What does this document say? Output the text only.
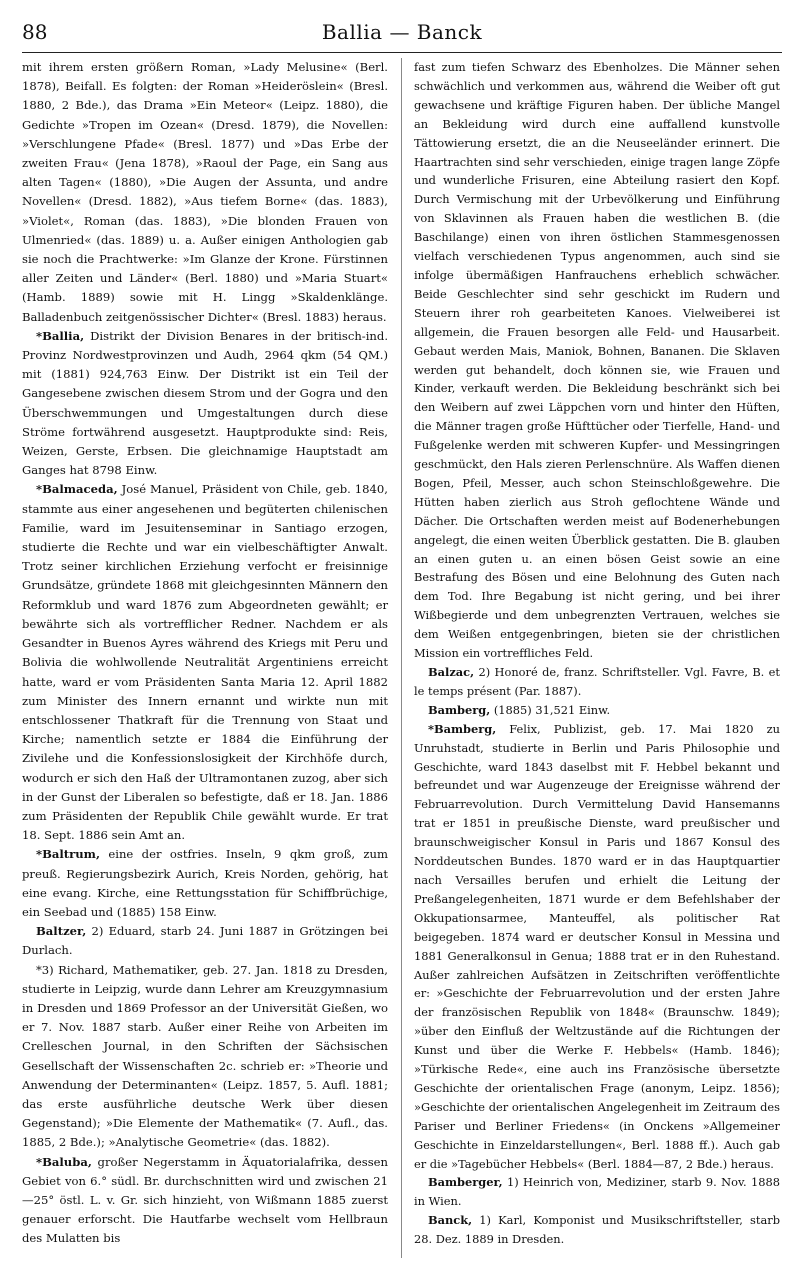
88	Ballia — Banck

mit ihrem ersten größern Roman, »Lady Melusine« (Berl. 1878), Beifall. Es folgten: der Roman »Heideröslein« (Bresl. 1880, 2 Bde.), das Drama »Ein Meteor« (Leipz. 1880), die Gedichte »Tropen im Ozean« (Dresd. 1879), die Novellen: »Verschlungene Pfade« (Bresl. 1877) und »Das Erbe der zweiten Frau« (Jena 1878), »Raoul der Page, ein Sang aus alten Tagen« (1880), »Die Augen der Assunta, und andre Novellen« (Dresd. 1882), »Aus tiefem Borne« (das. 1883), »Violet«, Roman (das. 1883), »Die blonden Frauen von Ulmenried« (das. 1889) u. a. Außer einigen Anthologien gab sie noch die Prachtwerke: »Im Glanze der Krone. Fürstinnen aller Zeiten und Länder« (Berl. 1880) und »Maria Stuart« (Hamb. 1889) sowie mit H. Lingg »Skaldenklänge. Balladenbuch zeitgenössischer Dichter« (Bresl. 1883) heraus.

*Ballia, Distrikt der Division Benares in der britisch-ind. Provinz Nordwestprovinzen und Audh, 2964 qkm (54 QM.) mit (1881) 924,763 Einw. Der Distrikt ist ein Teil der Gangesebene zwischen diesem Strom und der Gogra und den Überschwemmungen und Umgestaltungen durch diese Ströme fortwährend ausgesetzt. Hauptprodukte sind: Reis, Weizen, Gerste, Erbsen. Die gleichnamige Hauptstadt am Ganges hat 8798 Einw.

*Balmaceda, José Manuel, Präsident von Chile, geb. 1840, stammte aus einer angesehenen und begüterten chilenischen Familie, ward im Jesuitenseminar in Santiago erzogen, studierte die Rechte und war ein vielbeschäftigter Anwalt. Trotz seiner kirchlichen Erziehung verfocht er freisinnige Grundsätze, gründete 1868 mit gleichgesinnten Männern den Reformklub und ward 1876 zum Abgeordneten gewählt; er bewährte sich als vortrefflicher Redner. Nachdem er als Gesandter in Buenos Ayres während des Kriegs mit Peru und Bolivia die wohlwollende Neutralität Argentiniens erreicht hatte, ward er vom Präsidenten Santa Maria 12. April 1882 zum Minister des Innern ernannt und wirkte nun mit entschlossener Thatkraft für die Trennung von Staat und Kirche; namentlich setzte er 1884 die Einführung der Zivilehe und die Konfessionslosigkeit der Kirchhöfe durch, wodurch er sich den Haß der Ultramontanen zuzog, aber sich in der Gunst der Liberalen so befestigte, daß er 18. Jan. 1886 zum Präsidenten der Republik Chile gewählt wurde. Er trat 18. Sept. 1886 sein Amt an.

*Baltrum, eine der ostfries. Inseln, 9 qkm groß, zum preuß. Regierungsbezirk Aurich, Kreis Norden, gehörig, hat eine evang. Kirche, eine Rettungsstation für Schiffbrüchige, ein Seebad und (1885) 158 Einw.

Baltzer, 2) Eduard, starb 24. Juni 1887 in Grötzingen bei Durlach.

*3) Richard, Mathematiker, geb. 27. Jan. 1818 zu Dresden, studierte in Leipzig, wurde dann Lehrer am Kreuzgymnasium in Dresden und 1869 Professor an der Universität Gießen, wo er 7. Nov. 1887 starb. Außer einer Reihe von Arbeiten im Crelleschen Journal, in den Schriften der Sächsischen Gesellschaft der Wissenschaften 2c. schrieb er: »Theorie und Anwendung der Determinanten« (Leipz. 1857, 5. Aufl. 1881; das erste ausführliche deutsche Werk über diesen Gegenstand); »Die Elemente der Mathematik« (7. Aufl., das. 1885, 2 Bde.); »Analytische Geometrie« (das. 1882).

*Baluba, großer Negerstamm in Äquatorialafrika, dessen Gebiet von 6.° südl. Br. durchschnitten wird und zwischen 21—25° östl. L. v. Gr. sich hinzieht, von Wißmann 1885 zuerst genauer erforscht. Die Hautfarbe wechselt vom Hellbraun des Mulatten bis

fast zum tiefen Schwarz des Ebenholzes. Die Männer sehen schwächlich und verkommen aus, während die Weiber oft gut gewachsene und kräftige Figuren haben. Der übliche Mangel an Bekleidung wird durch eine auffallend kunstvolle Tättowierung ersetzt, die an die Neuseeländer erinnert. Die Haartrachten sind sehr verschieden, einige tragen lange Zöpfe und wunderliche Frisuren, eine Abteilung rasiert den Kopf. Durch Vermischung mit der Urbevölkerung und Einführung von Sklavinnen als Frauen haben die westlichen B. (die Baschilange) einen von ihren östlichen Stammesgenossen vielfach verschiedenen Typus angenommen, auch sind sie infolge übermäßigen Hanfrauchens erheblich schwächer. Beide Geschlechter sind sehr geschickt im Rudern und Steuern ihrer roh gearbeiteten Kanoes. Vielweiberei ist allgemein, die Frauen besorgen alle Feld- und Hausarbeit. Gebaut werden Mais, Maniok, Bohnen, Bananen. Die Sklaven werden gut behandelt, doch können sie, wie Frauen und Kinder, verkauft werden. Die Bekleidung beschränkt sich bei den Weibern auf zwei Läppchen vorn und hinter den Hüften, die Männer tragen große Hüfttücher oder Tierfelle, Hand- und Fußgelenke werden mit schweren Kupfer- und Messingringen geschmückt, den Hals zieren Perlenschnüre. Als Waffen dienen Bogen, Pfeil, Messer, auch schon Steinschloßgewehre. Die Hütten haben zierlich aus Stroh geflochtene Wände und Dächer. Die Ortschaften werden meist auf Bodenerhebungen angelegt, die einen weiten Überblick gestatten. Die B. glauben an einen guten u. an einen bösen Geist sowie an eine Bestrafung des Bösen und eine Belohnung des Guten nach dem Tod. Ihre Begabung ist nicht gering, und bei ihrer Wißbegierde und dem unbegrenzten Vertrauen, welches sie dem Weißen entgegenbringen, bieten sie der christlichen Mission ein vortreffliches Feld.

Balzac, 2) Honoré de, franz. Schriftsteller. Vgl. Favre, B. et le temps présent (Par. 1887).

Bamberg, (1885) 31,521 Einw.

*Bamberg, Felix, Publizist, geb. 17. Mai 1820 zu Unruhstadt, studierte in Berlin und Paris Philosophie und Geschichte, ward 1843 daselbst mit F. Hebbel bekannt und befreundet und war Augenzeuge der Ereignisse während der Februarrevolution. Durch Vermittelung David Hansemanns trat er 1851 in preußische Dienste, ward preußischer und braunschweigischer Konsul in Paris und 1867 Konsul des Norddeutschen Bundes. 1870 ward er in das Hauptquartier nach Versailles berufen und erhielt die Leitung der Preßangelegenheiten, 1871 wurde er dem Befehlshaber der Okkupationsarmee, Manteuffel, als politischer Rat beigegeben. 1874 ward er deutscher Konsul in Messina und 1881 Generalkonsul in Genua; 1888 trat er in den Ruhestand. Außer zahlreichen Aufsätzen in Zeitschriften veröffentlichte er: »Geschichte der Februarrevolution und der ersten Jahre der französischen Republik von 1848« (Braunschw. 1849); »über den Einfluß der Weltzustände auf die Richtungen der Kunst und über die Werke F. Hebbels« (Hamb. 1846); »Türkische Rede«, eine auch ins Französische übersetzte Geschichte der orientalischen Frage (anonym, Leipz. 1856); »Geschichte der orientalischen Angelegenheit im Zeitraum des Pariser und Berliner Friedens« (in Onckens »Allgemeiner Geschichte in Einzeldarstellungen«, Berl. 1888 ff.). Auch gab er die »Tagebücher Hebbels« (Berl. 1884—87, 2 Bde.) heraus.

Bamberger, 1) Heinrich von, Mediziner, starb 9. Nov. 1888 in Wien.

Banck, 1) Karl, Komponist und Musikschriftsteller, starb 28. Dez. 1889 in Dresden.
